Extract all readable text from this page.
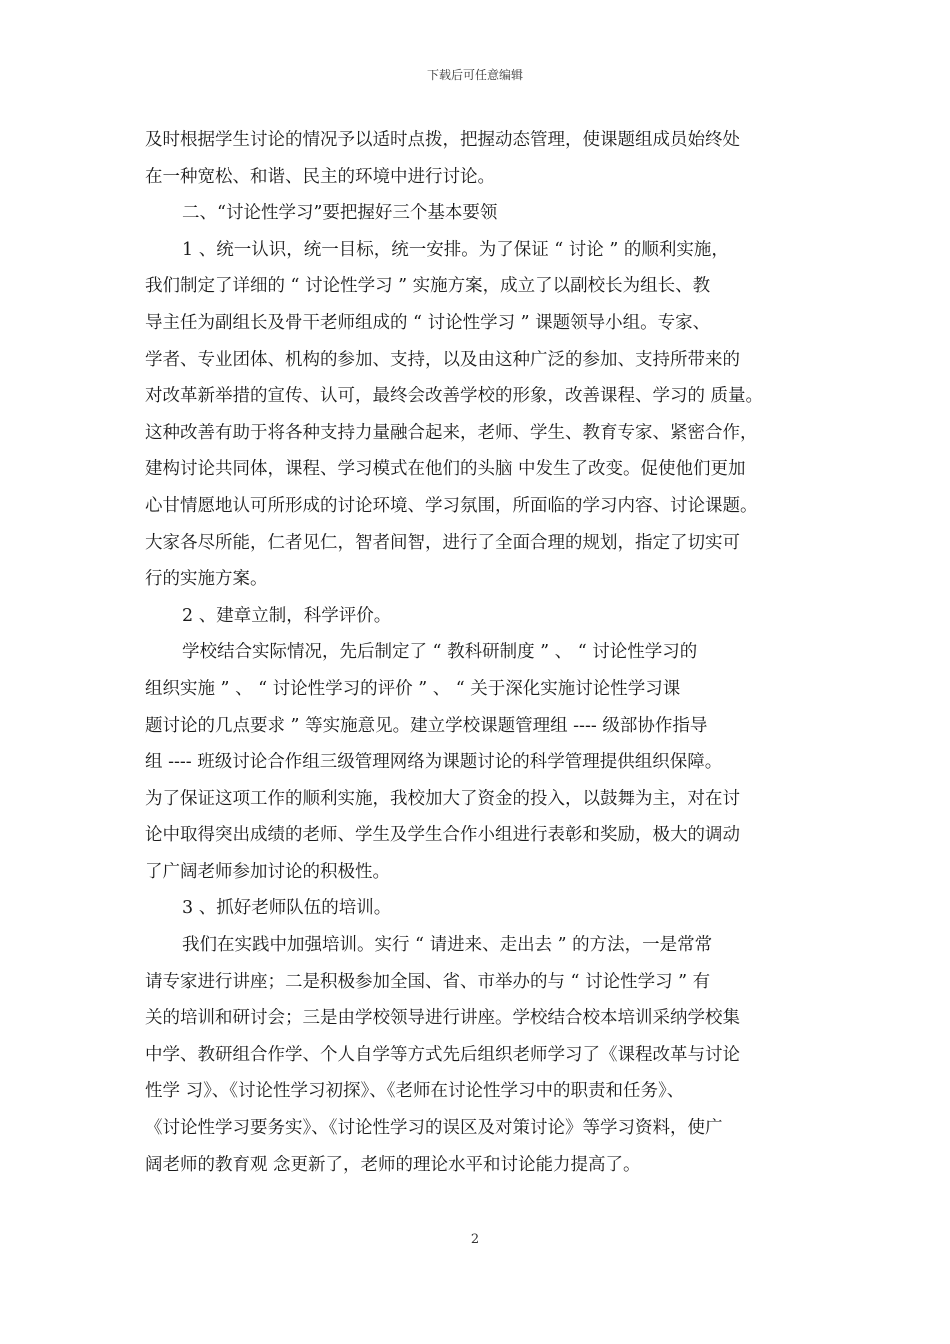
下载后可任意编辑
及时根据学生讨论的情况予以适时点拨，把握动态管理，使课题组成员始终处
在一种宽松、和谐、民主的环境中进行讨论。
二、“讨论性学习”要把握好三个基本要领
1 、统一认识，统一目标，统一安排。为了保证 “ 讨论 ” 的顺利实施，
我们制定了详细的 “ 讨论性学习 ” 实施方案，成立了以副校长为组长、教
导主任为副组长及骨干老师组成的 “ 讨论性学习 ” 课题领导小组。专家、
学者、专业团体、机构的参加、支持，以及由这种广泛的参加、支持所带来的
对改革新举措的宣传、认可，最终会改善学校的形象，改善课程、学习的 质量。
这种改善有助于将各种支持力量融合起来，老师、学生、教育专家、紧密合作，
建构讨论共同体，课程、学习模式在他们的头脑 中发生了改变。促使他们更加
心甘情愿地认可所形成的讨论环境、学习氛围，所面临的学习内容、讨论课题。
大家各尽所能，仁者见仁，智者间智，进行了全面合理的规划，指定了切实可
行的实施方案。
2 、建章立制，科学评价。
学校结合实际情况，先后制定了 “ 教科研制度 ” 、 “ 讨论性学习的
组织实施 ” 、 “ 讨论性学习的评价 ” 、 “ 关于深化实施讨论性学习课
题讨论的几点要求 ” 等实施意见。建立学校课题管理组 ---- 级部协作指导
组 ---- 班级讨论合作组三级管理网络为课题讨论的科学管理提供组织保障。
为了保证这项工作的顺利实施，我校加大了资金的投入，以鼓舞为主，对在讨
论中取得突出成绩的老师、学生及学生合作小组进行表彰和奖励，极大的调动
了广阔老师参加讨论的积极性。
3 、抓好老师队伍的培训。
我们在实践中加强培训。实行 “ 请进来、走出去 ” 的方法，一是常常
请专家进行讲座；二是积极参加全国、省、市举办的与 “ 讨论性学习 ” 有
关的培训和研讨会；三是由学校领导进行讲座。学校结合校本培训采纳学校集
中学、教研组合作学、个人自学等方式先后组织老师学习了《课程改革与讨论
性学 习》、《讨论性学习初探》、《老师在讨论性学习中的职责和任务》、
《讨论性学习要务实》、《讨论性学习的误区及对策讨论》等学习资料，使广
阔老师的教育观 念更新了，老师的理论水平和讨论能力提高了。
2
